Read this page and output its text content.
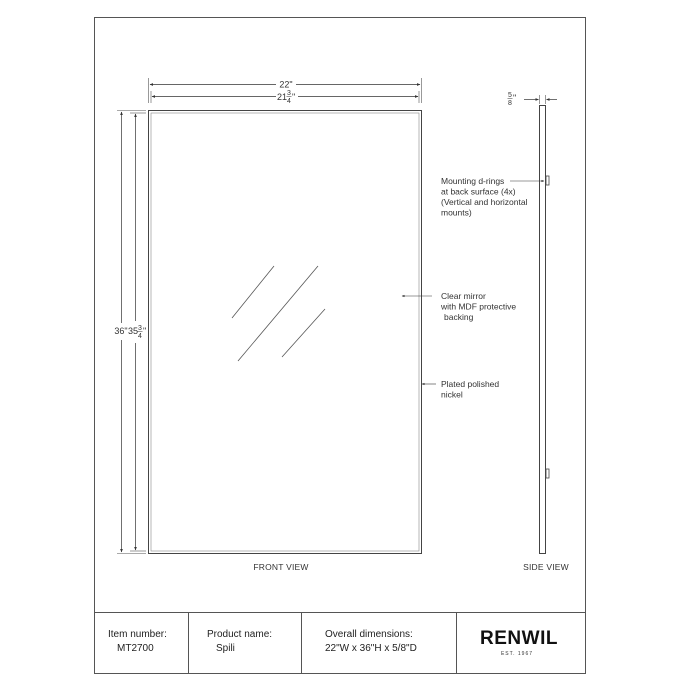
22"
21 3
4 "
36" 35 3
4
"
FRONT VIEW
5
8
"
SIDE VIEW
Mounting d-rings at back surface (4x) (Vertical and horizontal mounts)
Clear mirror with MDF protective backing
Plated polished nickel
Item number:
MT2700
Product name:
Spili
Overall dimensions:
22"W x 36"H x 5/8"D	RENWIL
EST. 1967
